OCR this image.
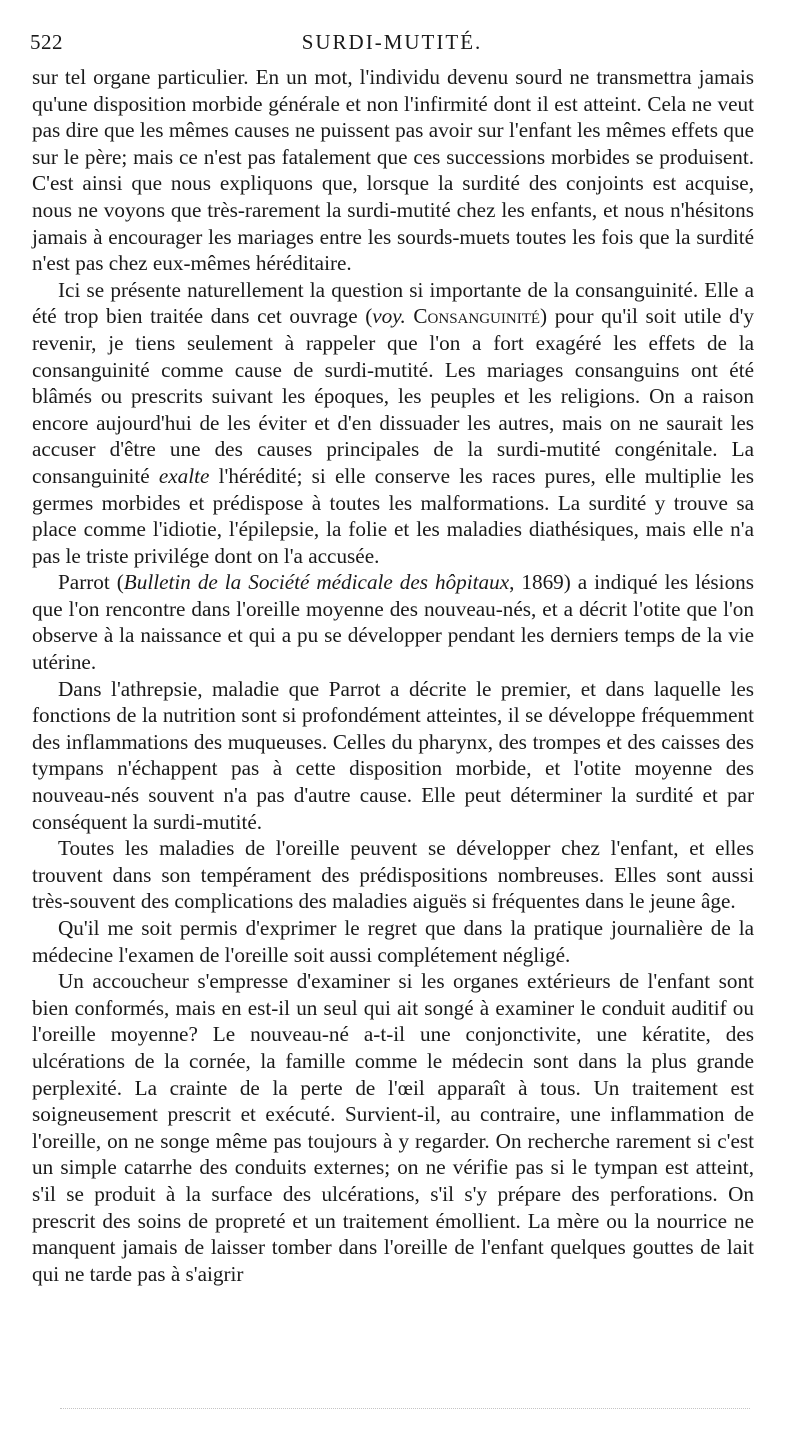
522	SURDI-MUTITÉ.

sur tel organe particulier. En un mot, l'individu devenu sourd ne transmettra jamais qu'une disposition morbide générale et non l'infirmité dont il est atteint. Cela ne veut pas dire que les mêmes causes ne puissent pas avoir sur l'enfant les mêmes effets que sur le père; mais ce n'est pas fatalement que ces successions morbides se produisent. C'est ainsi que nous expliquons que, lorsque la surdité des conjoints est acquise, nous ne voyons que très-rarement la surdi-mutité chez les enfants, et nous n'hésitons jamais à encourager les mariages entre les sourds-muets toutes les fois que la surdité n'est pas chez eux-mêmes héréditaire.

Ici se présente naturellement la question si importante de la consanguinité. Elle a été trop bien traitée dans cet ouvrage (voy. Consanguinité) pour qu'il soit utile d'y revenir, je tiens seulement à rappeler que l'on a fort exagéré les effets de la consanguinité comme cause de surdi-mutité. Les mariages consanguins ont été blâmés ou prescrits suivant les époques, les peuples et les religions. On a raison encore aujourd'hui de les éviter et d'en dissuader les autres, mais on ne saurait les accuser d'être une des causes principales de la surdi-mutité congénitale. La consanguinité exalte l'hérédité; si elle conserve les races pures, elle multiplie les germes morbides et prédispose à toutes les malformations. La surdité y trouve sa place comme l'idiotie, l'épilepsie, la folie et les maladies diathésiques, mais elle n'a pas le triste privilége dont on l'a accusée.

Parrot (Bulletin de la Société médicale des hôpitaux, 1869) a indiqué les lésions que l'on rencontre dans l'oreille moyenne des nouveau-nés, et a décrit l'otite que l'on observe à la naissance et qui a pu se développer pendant les derniers temps de la vie utérine.

Dans l'athrepsie, maladie que Parrot a décrite le premier, et dans laquelle les fonctions de la nutrition sont si profondément atteintes, il se développe fréquemment des inflammations des muqueuses. Celles du pharynx, des trompes et des caisses des tympans n'échappent pas à cette disposition morbide, et l'otite moyenne des nouveau-nés souvent n'a pas d'autre cause. Elle peut déterminer la surdité et par conséquent la surdi-mutité.

Toutes les maladies de l'oreille peuvent se développer chez l'enfant, et elles trouvent dans son tempérament des prédispositions nombreuses. Elles sont aussi très-souvent des complications des maladies aiguës si fréquentes dans le jeune âge.

Qu'il me soit permis d'exprimer le regret que dans la pratique journalière de la médecine l'examen de l'oreille soit aussi complétement négligé.

Un accoucheur s'empresse d'examiner si les organes extérieurs de l'enfant sont bien conformés, mais en est-il un seul qui ait songé à examiner le conduit auditif ou l'oreille moyenne? Le nouveau-né a-t-il une conjonctivite, une kératite, des ulcérations de la cornée, la famille comme le médecin sont dans la plus grande perplexité. La crainte de la perte de l'œil apparaît à tous. Un traitement est soigneusement prescrit et exécuté. Survient-il, au contraire, une inflammation de l'oreille, on ne songe même pas toujours à y regarder. On recherche rarement si c'est un simple catarrhe des conduits externes; on ne vérifie pas si le tympan est atteint, s'il se produit à la surface des ulcérations, s'il s'y prépare des perforations. On prescrit des soins de propreté et un traitement émollient. La mère ou la nourrice ne manquent jamais de laisser tomber dans l'oreille de l'enfant quelques gouttes de lait qui ne tarde pas à s'aigrir
